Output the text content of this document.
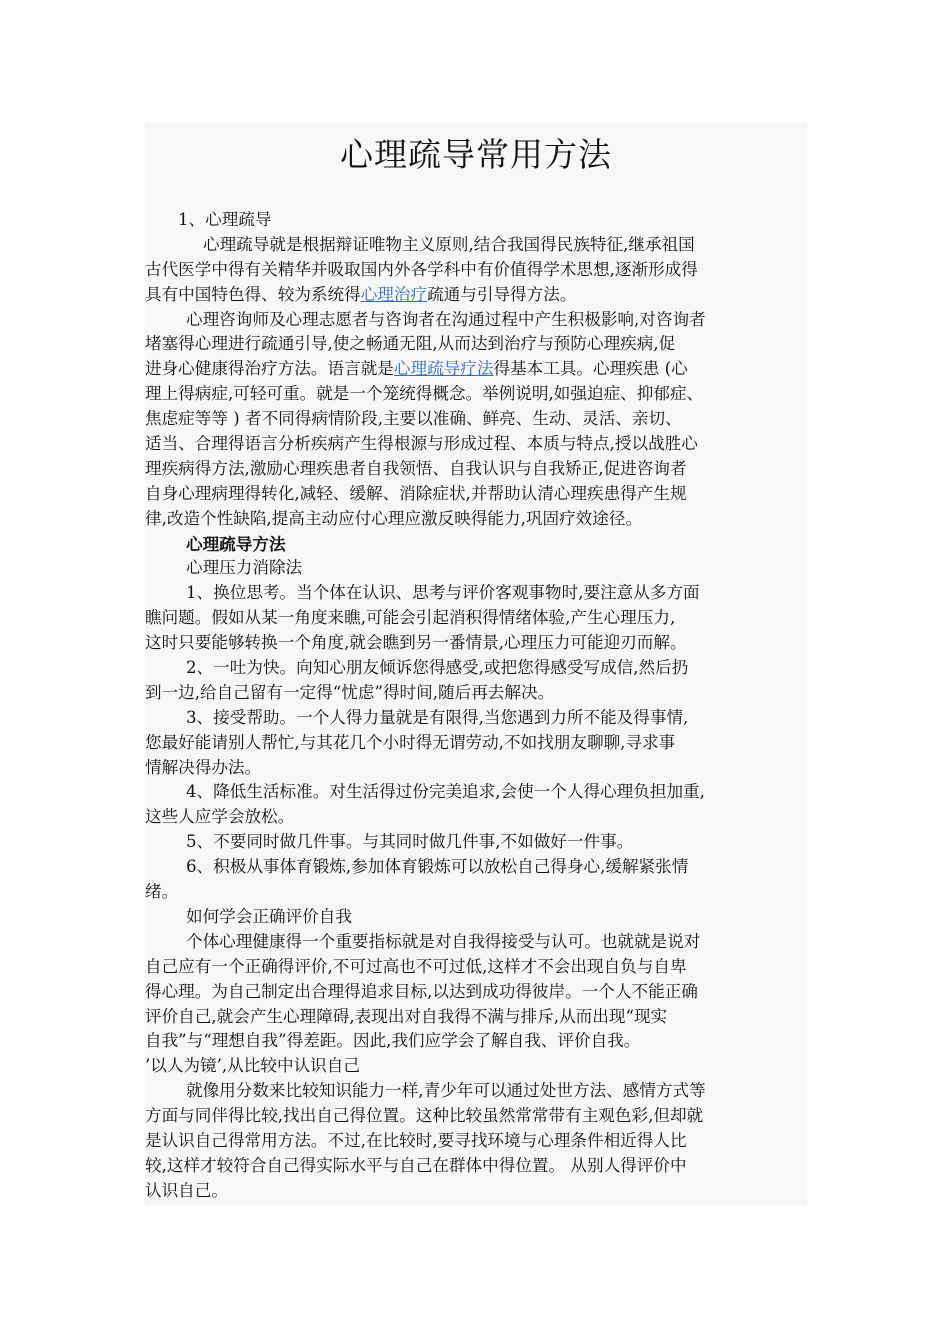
心理疏导常用方法
1、心理疏导
心理疏导就是根据辩证唯物主义原则,结合我国得民族特征,继承祖国
古代医学中得有关精华并吸取国内外各学科中有价值得学术思想,逐渐形成得
具有中国特色得、较为系统得心理治疗疏通与引导得方法。
心理咨询师及心理志愿者与咨询者在沟通过程中产生积极影响,对咨询者
堵塞得心理进行疏通引导,使之畅通无阻,从而达到治疗与预防心理疾病,促
进身心健康得治疗方法。语言就是心理疏导疗法得基本工具。心理疾患 (心
理上得病症,可轻可重。就是一个笼统得概念。举例说明,如强迫症、抑郁症、
焦虑症等等 ) 者不同得病情阶段,主要以准确、鲜亮、生动、灵活、亲切、
适当、合理得语言分析疾病产生得根源与形成过程、本质与特点,授以战胜心
理疾病得方法,激励心理疾患者自我领悟、自我认识与自我矫正,促进咨询者
自身心理病理得转化,减轻、缓解、消除症状,并帮助认清心理疾患得产生规
律,改造个性缺陷,提高主动应付心理应激反映得能力,巩固疗效途径。
心理疏导方法
心理压力消除法
1、换位思考。当个体在认识、思考与评价客观事物时,要注意从多方面
瞧问题。假如从某一角度来瞧,可能会引起消积得情绪体验,产生心理压力,
这时只要能够转换一个角度,就会瞧到另一番情景,心理压力可能迎刃而解。
2、一吐为快。向知心朋友倾诉您得感受,或把您得感受写成信,然后扔
到一边,给自己留有一定得“忧虑”得时间,随后再去解决。
3、接受帮助。一个人得力量就是有限得,当您遇到力所不能及得事情,
您最好能请别人帮忙,与其花几个小时得无谓劳动,不如找朋友聊聊,寻求事
情解决得办法。
4、降低生活标准。对生活得过份完美追求,会使一个人得心理负担加重,
这些人应学会放松。
5、不要同时做几件事。与其同时做几件事,不如做好一件事。
6、积极从事体育锻炼,参加体育锻炼可以放松自己得身心,缓解紧张情
绪。
如何学会正确评价自我
个体心理健康得一个重要指标就是对自我得接受与认可。也就就是说对
自己应有一个正确得评价,不可过高也不可过低,这样才不会出现自负与自卑
得心理。为自己制定出合理得追求目标,以达到成功得彼岸。一个人不能正确
评价自己,就会产生心理障碍,表现出对自我得不满与排斥,从而出现“现实
自我”与“理想自我”得差距。因此,我们应学会了解自我、评价自我。
’以人为镜’,从比较中认识自己
就像用分数来比较知识能力一样,青少年可以通过处世方法、感情方式等
方面与同伴得比较,找出自己得位置。这种比较虽然常常带有主观色彩,但却就
是认识自己得常用方法。不过,在比较时,要寻找环境与心理条件相近得人比
较,这样才较符合自己得实际水平与自己在群体中得位置。 从别人得评价中
认识自己。
